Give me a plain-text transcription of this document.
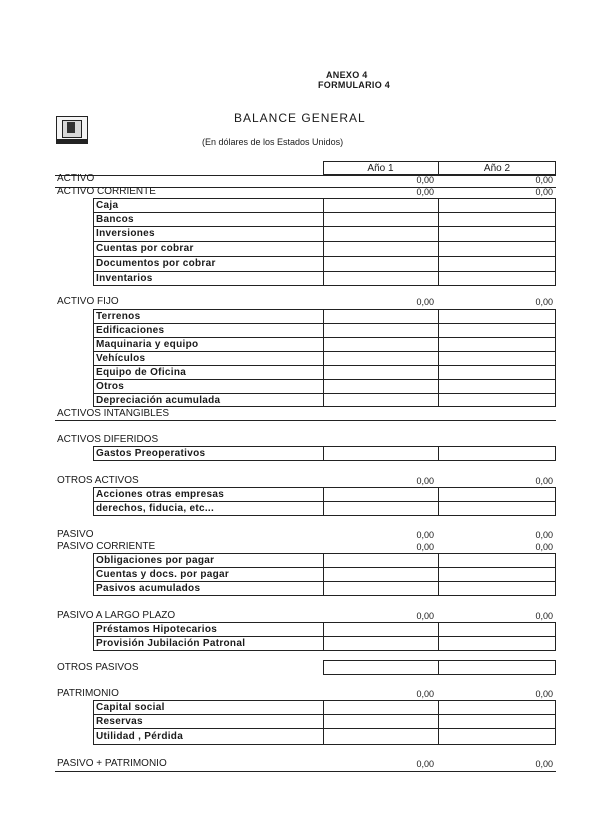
ANEXO 4
FORMULARIO 4
BALANCE GENERAL
(En dólares de los Estados Unidos)
Año 1	Año 2
ACTIVO	0,00	0,00
ACTIVO CORRIENTE	0,00	0,00
Caja
Bancos
Inversiones
Cuentas por cobrar
Documentos por cobrar
Inventarios
ACTIVO FIJO	0,00	0,00
Terrenos
Edificaciones
Maquinaria y equipo
Vehículos
Equipo de Oficina
Otros
Depreciación acumulada
ACTIVOS INTANGIBLES
ACTIVOS DIFERIDOS
Gastos Preoperativos
OTROS ACTIVOS	0,00	0,00
Acciones otras empresas
derechos, fiducia, etc...
PASIVO	0,00	0,00
PASIVO CORRIENTE	0,00	0,00
Obligaciones por pagar
Cuentas y docs. por pagar
Pasivos acumulados
PASIVO A LARGO PLAZO	0,00	0,00
Préstamos Hipotecarios
Provisión Jubilación Patronal
OTROS PASIVOS
PATRIMONIO	0,00	0,00
Capital social
Reservas
Utilidad , Pérdida
PASIVO + PATRIMONIO	0,00	0,00
